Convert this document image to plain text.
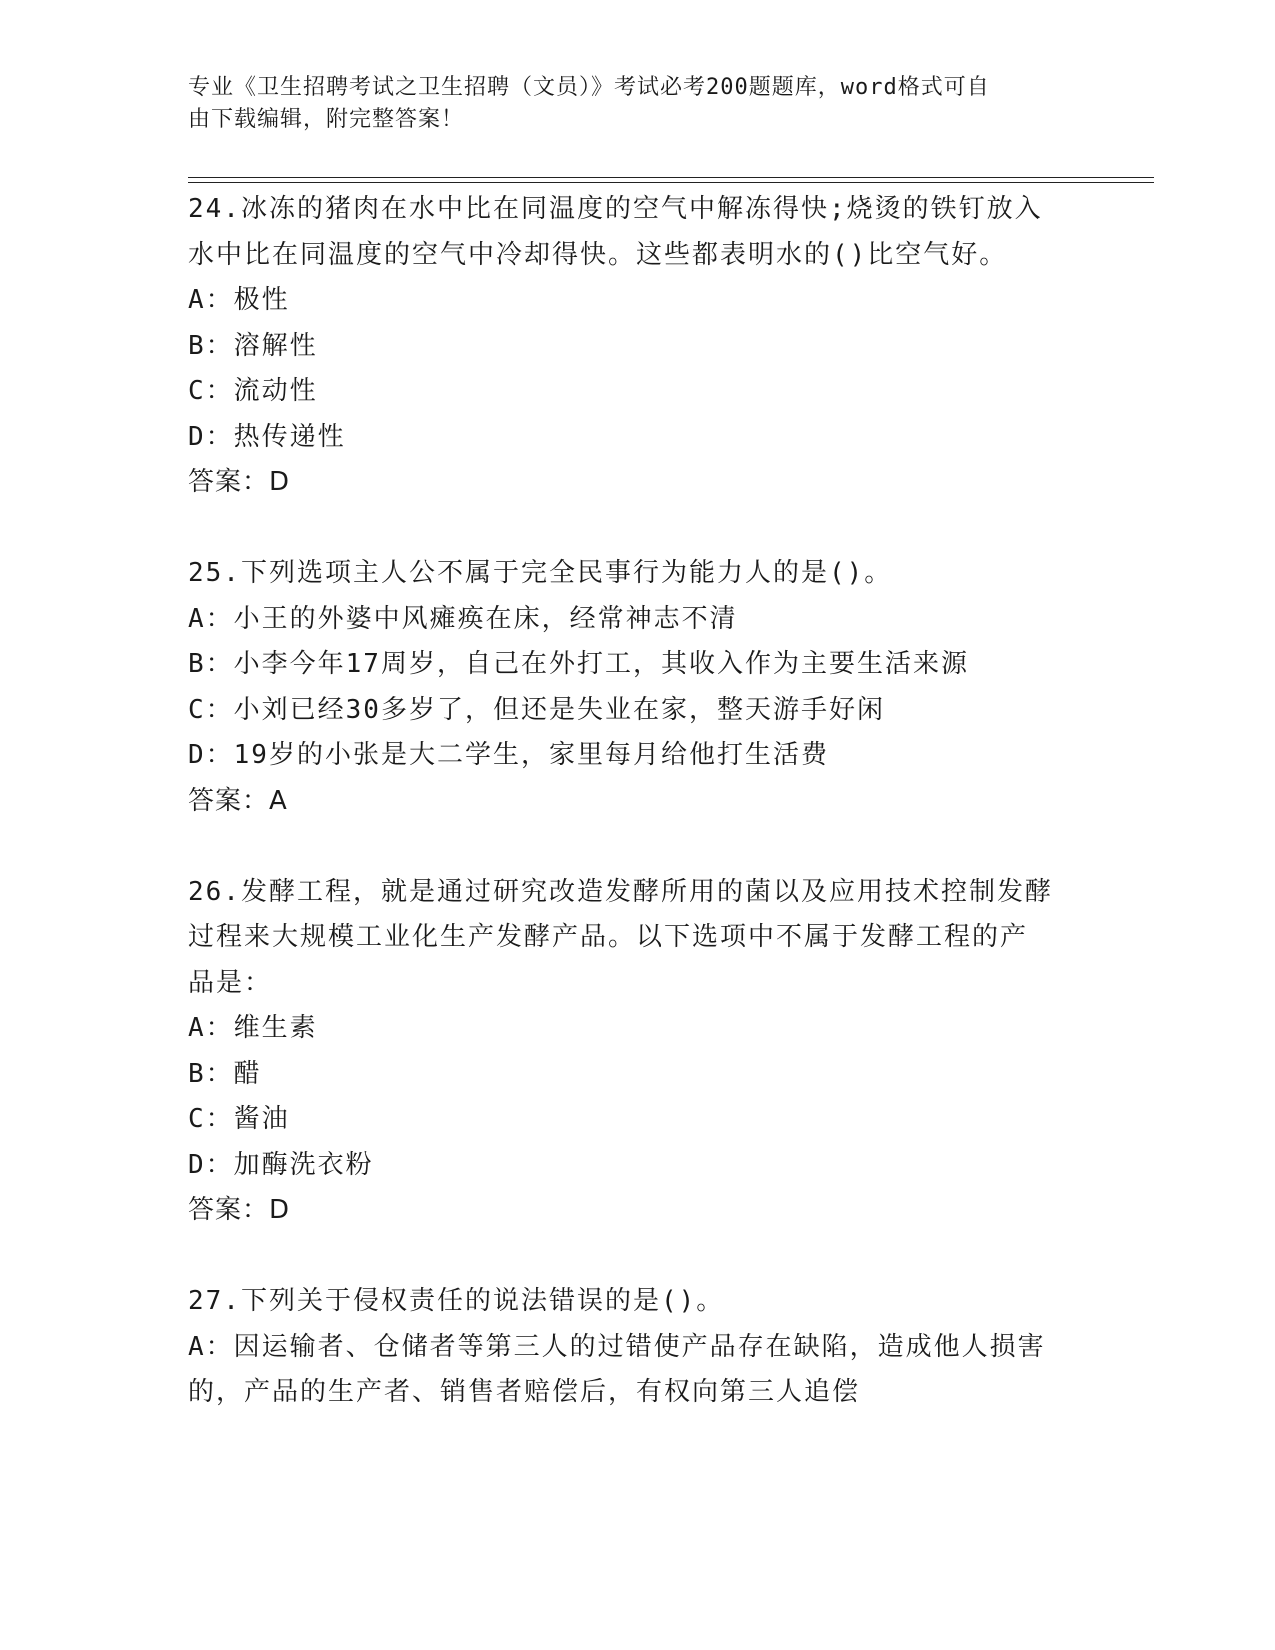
专业《卫生招聘考试之卫生招聘（文员）》考试必考200题题库，word格式可自
由下载编辑，附完整答案！
24.冰冻的猪肉在水中比在同温度的空气中解冻得快;烧烫的铁钉放入
水中比在同温度的空气中冷却得快。这些都表明水的()比空气好。
A：极性
B：溶解性
C：流动性
D：热传递性
答案：D
25.下列选项主人公不属于完全民事行为能力人的是()。
A：小王的外婆中风瘫痪在床，经常神志不清
B：小李今年17周岁，自己在外打工，其收入作为主要生活来源
C：小刘已经30多岁了，但还是失业在家，整天游手好闲
D：19岁的小张是大二学生，家里每月给他打生活费
答案：A
26.发酵工程，就是通过研究改造发酵所用的菌以及应用技术控制发酵
过程来大规模工业化生产发酵产品。以下选项中不属于发酵工程的产
品是：
A：维生素
B：醋
C：酱油
D：加酶洗衣粉
答案：D
27.下列关于侵权责任的说法错误的是()。
A：因运输者、仓储者等第三人的过错使产品存在缺陷，造成他人损害
的，产品的生产者、销售者赔偿后，有权向第三人追偿
